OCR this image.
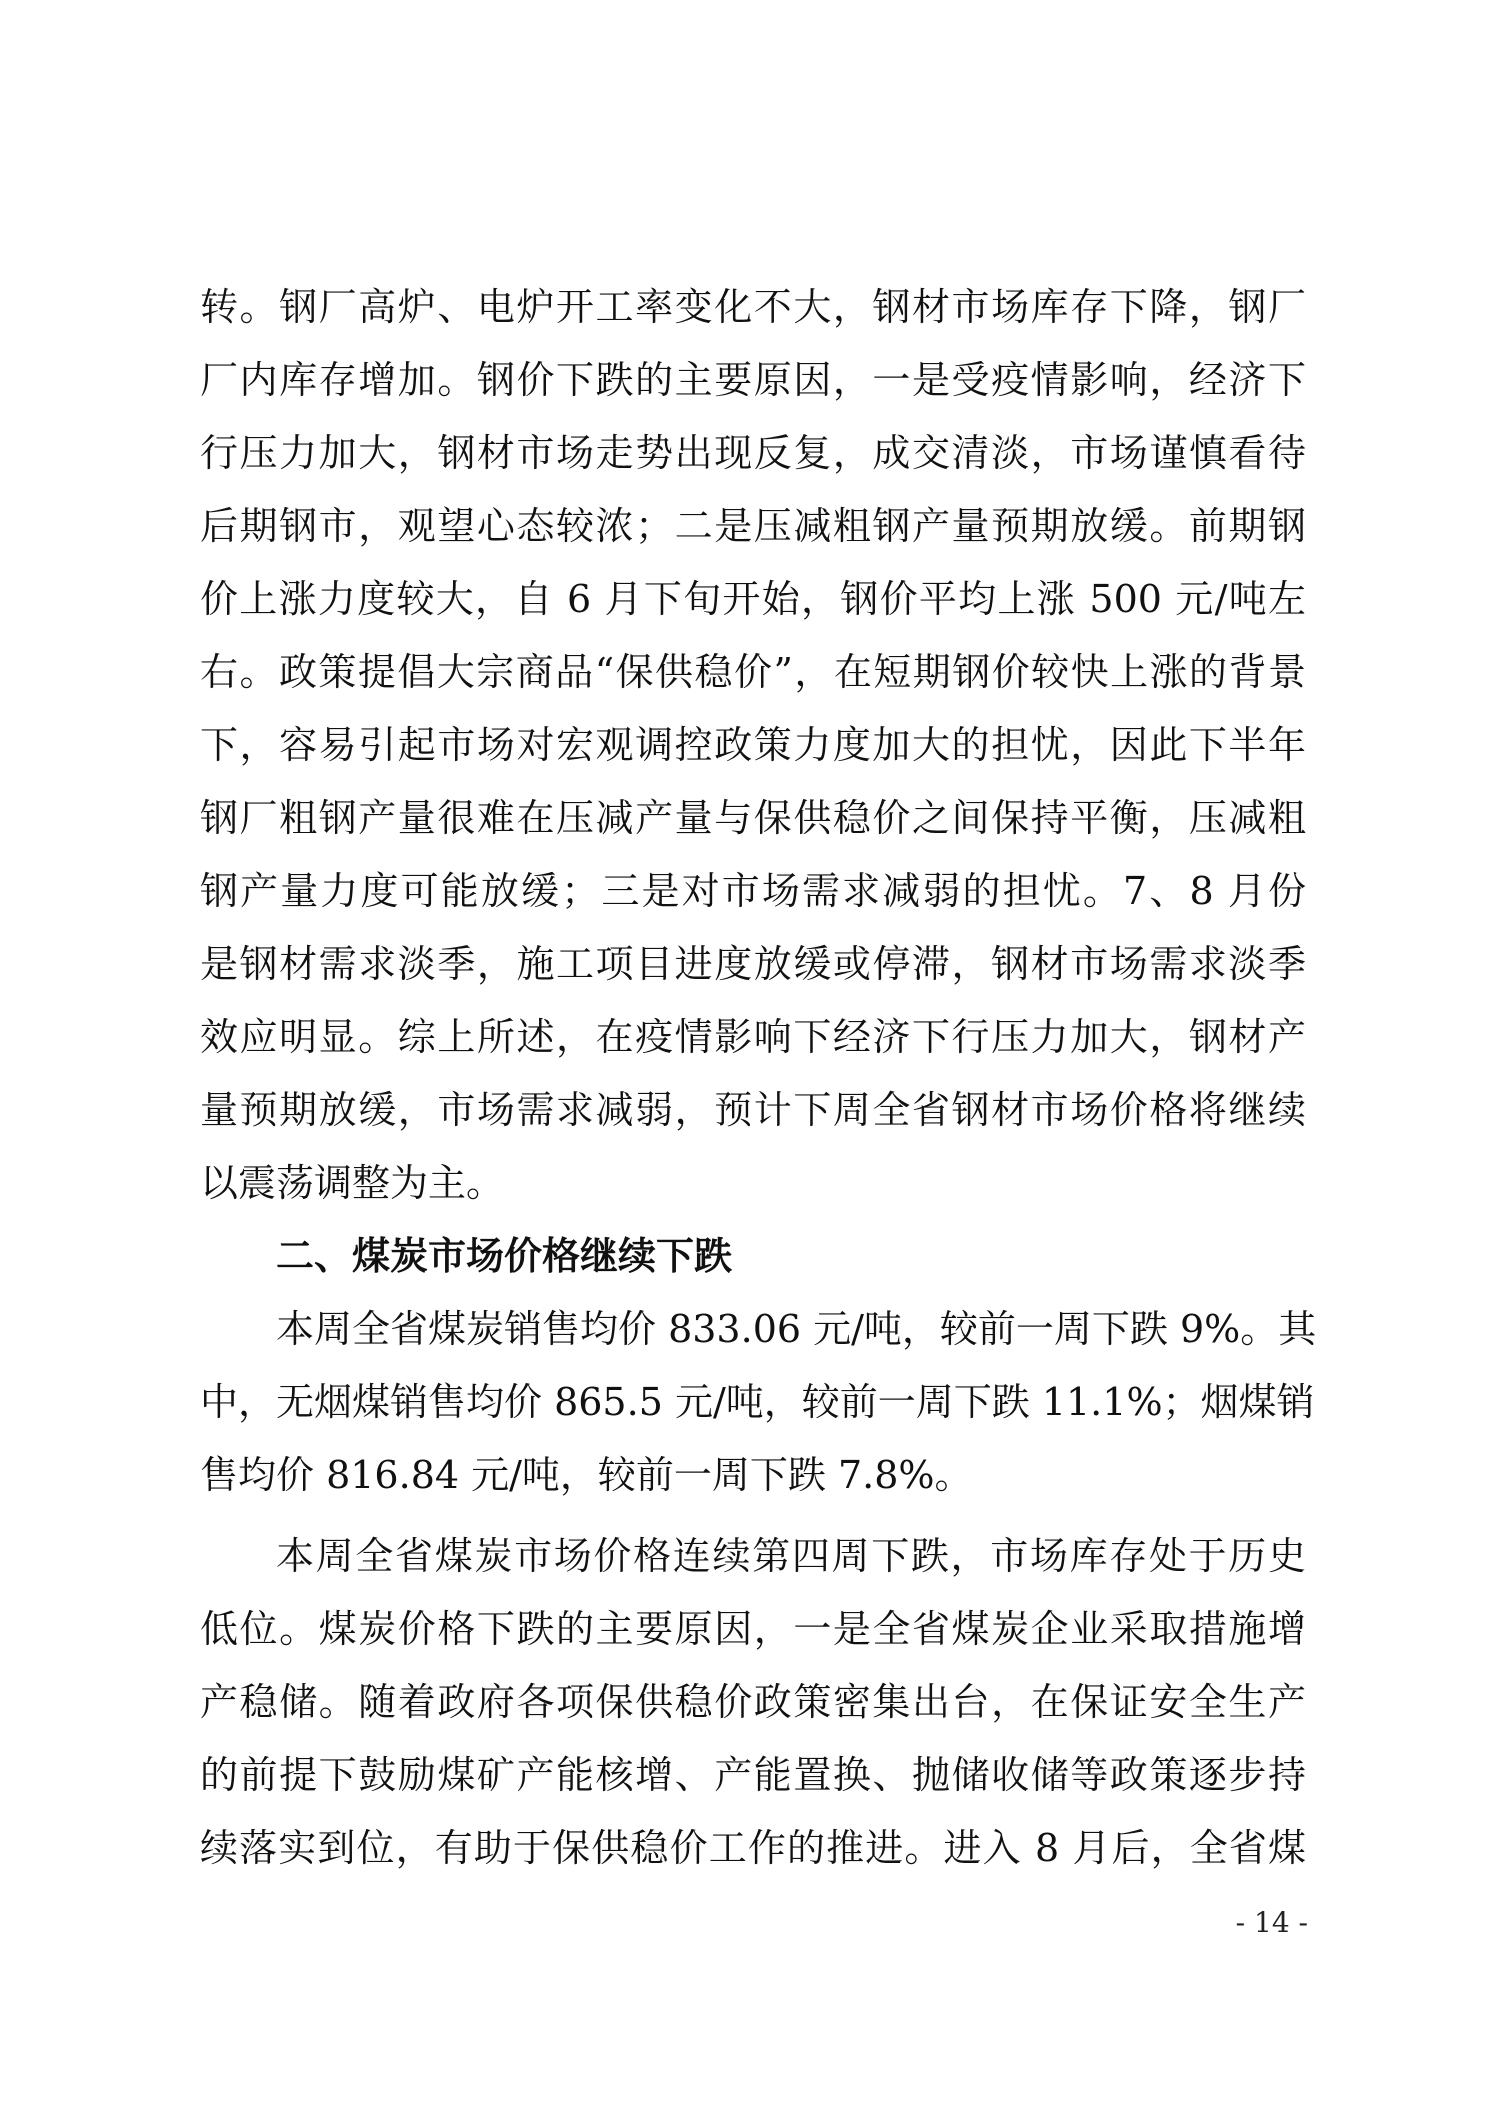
转。钢厂高炉、电炉开工率变化不大，钢材市场库存下降，钢厂
厂内库存增加。钢价下跌的主要原因，一是受疫情影响，经济下
行压力加大，钢材市场走势出现反复，成交清淡，市场谨慎看待
后期钢市，观望心态较浓；二是压减粗钢产量预期放缓。前期钢
价上涨力度较大，自 6 月下旬开始，钢价平均上涨 500 元/吨左
右。政策提倡大宗商品“保供稳价”，在短期钢价较快上涨的背景
下，容易引起市场对宏观调控政策力度加大的担忧，因此下半年
钢厂粗钢产量很难在压减产量与保供稳价之间保持平衡，压减粗
钢产量力度可能放缓；三是对市场需求减弱的担忧。7、8 月份
是钢材需求淡季，施工项目进度放缓或停滞，钢材市场需求淡季
效应明显。综上所述，在疫情影响下经济下行压力加大，钢材产
量预期放缓，市场需求减弱，预计下周全省钢材市场价格将继续
以震荡调整为主。
二、煤炭市场价格继续下跌
本周全省煤炭销售均价 833.06 元/吨，较前一周下跌 9%。其
中，无烟煤销售均价 865.5 元/吨，较前一周下跌 11.1%；烟煤销
售均价 816.84 元/吨，较前一周下跌 7.8%。
本周全省煤炭市场价格连续第四周下跌，市场库存处于历史
低位。煤炭价格下跌的主要原因，一是全省煤炭企业采取措施增
产稳储。随着政府各项保供稳价政策密集出台，在保证安全生产
的前提下鼓励煤矿产能核增、产能置换、抛储收储等政策逐步持
续落实到位，有助于保供稳价工作的推进。进入 8 月后，全省煤
- 14 -
